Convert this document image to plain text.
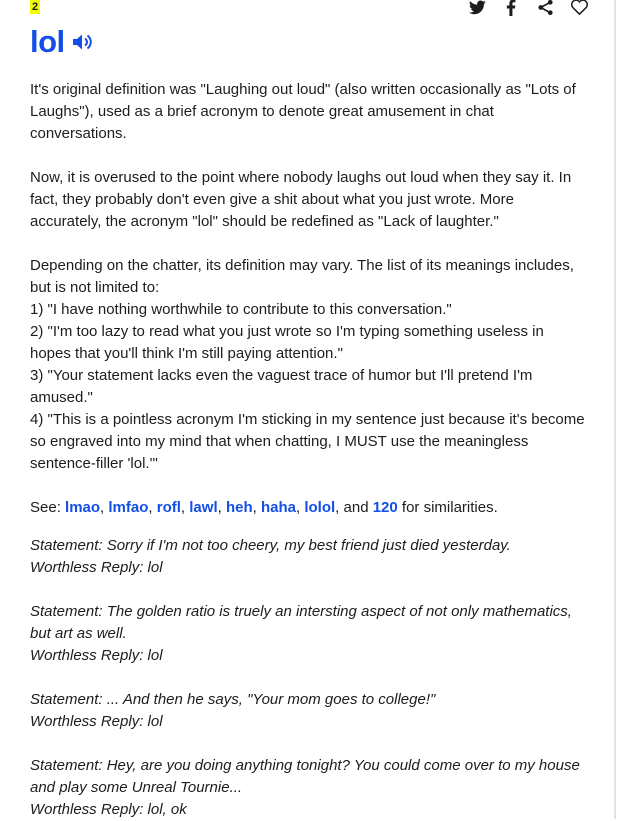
2
lol

It's original definition was "Laughing out loud" (also written occasionally as "Lots of Laughs"), used as a brief acronym to denote great amusement in chat conversations.

Now, it is overused to the point where nobody laughs out loud when they say it. In fact, they probably don't even give a shit about what you just wrote. More accurately, the acronym "lol" should be redefined as "Lack of laughter."

Depending on the chatter, its definition may vary. The list of its meanings includes, but is not limited to:

1) "I have nothing worthwhile to contribute to this conversation."

2) "I'm too lazy to read what you just wrote so I'm typing something useless in hopes that you'll think I'm still paying attention."

3) "Your statement lacks even the vaguest trace of humor but I'll pretend I'm amused."

4) "This is a pointless acronym I'm sticking in my sentence just because it's become so engraved into my mind that when chatting, I MUST use the meaningless sentence-filler 'lol.'"

See: lmao, lmfao, rofl, lawl, heh, haha, lolol, and 120 for similarities.

Statement: Sorry if I'm not too cheery, my best friend just died yesterday.

Worthless Reply: lol

Statement: The golden ratio is truely an intersting aspect of not only mathematics, but art as well.

Worthless Reply: lol

Statement: ... And then he says, "Your mom goes to college!"

Worthless Reply: lol

Statement: Hey, are you doing anything tonight? You could come over to my house and play some Unreal Tournie...

Worthless Reply: lol, ok
